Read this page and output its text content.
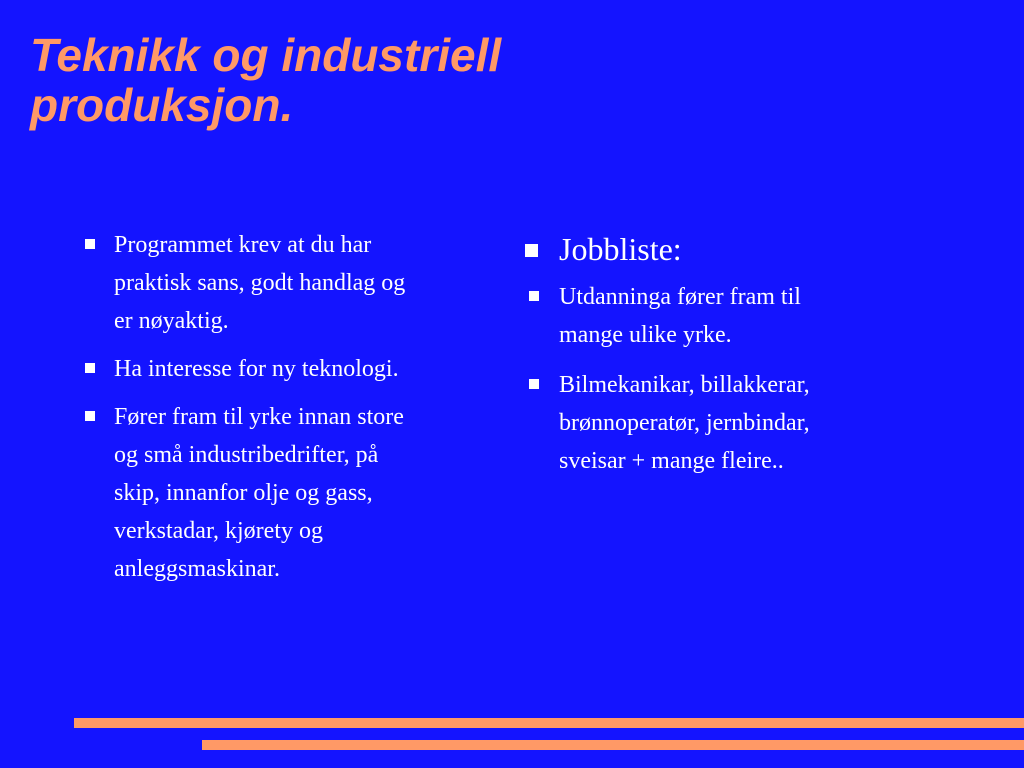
Teknikk og industriell
produksjon.
Programmet krev at du har
praktisk sans, godt handlag og
er nøyaktig.
Ha interesse for ny teknologi.
Fører fram til yrke innan store
og små industribedrifter, på
skip, innanfor olje og gass,
verkstadar, kjørety og
anleggsmaskinar.
Jobbliste:
Utdanninga fører fram til
mange ulike yrke.
Bilmekanikar, billakkerar,
brønnoperatør, jernbindar,
sveisar + mange fleire..
